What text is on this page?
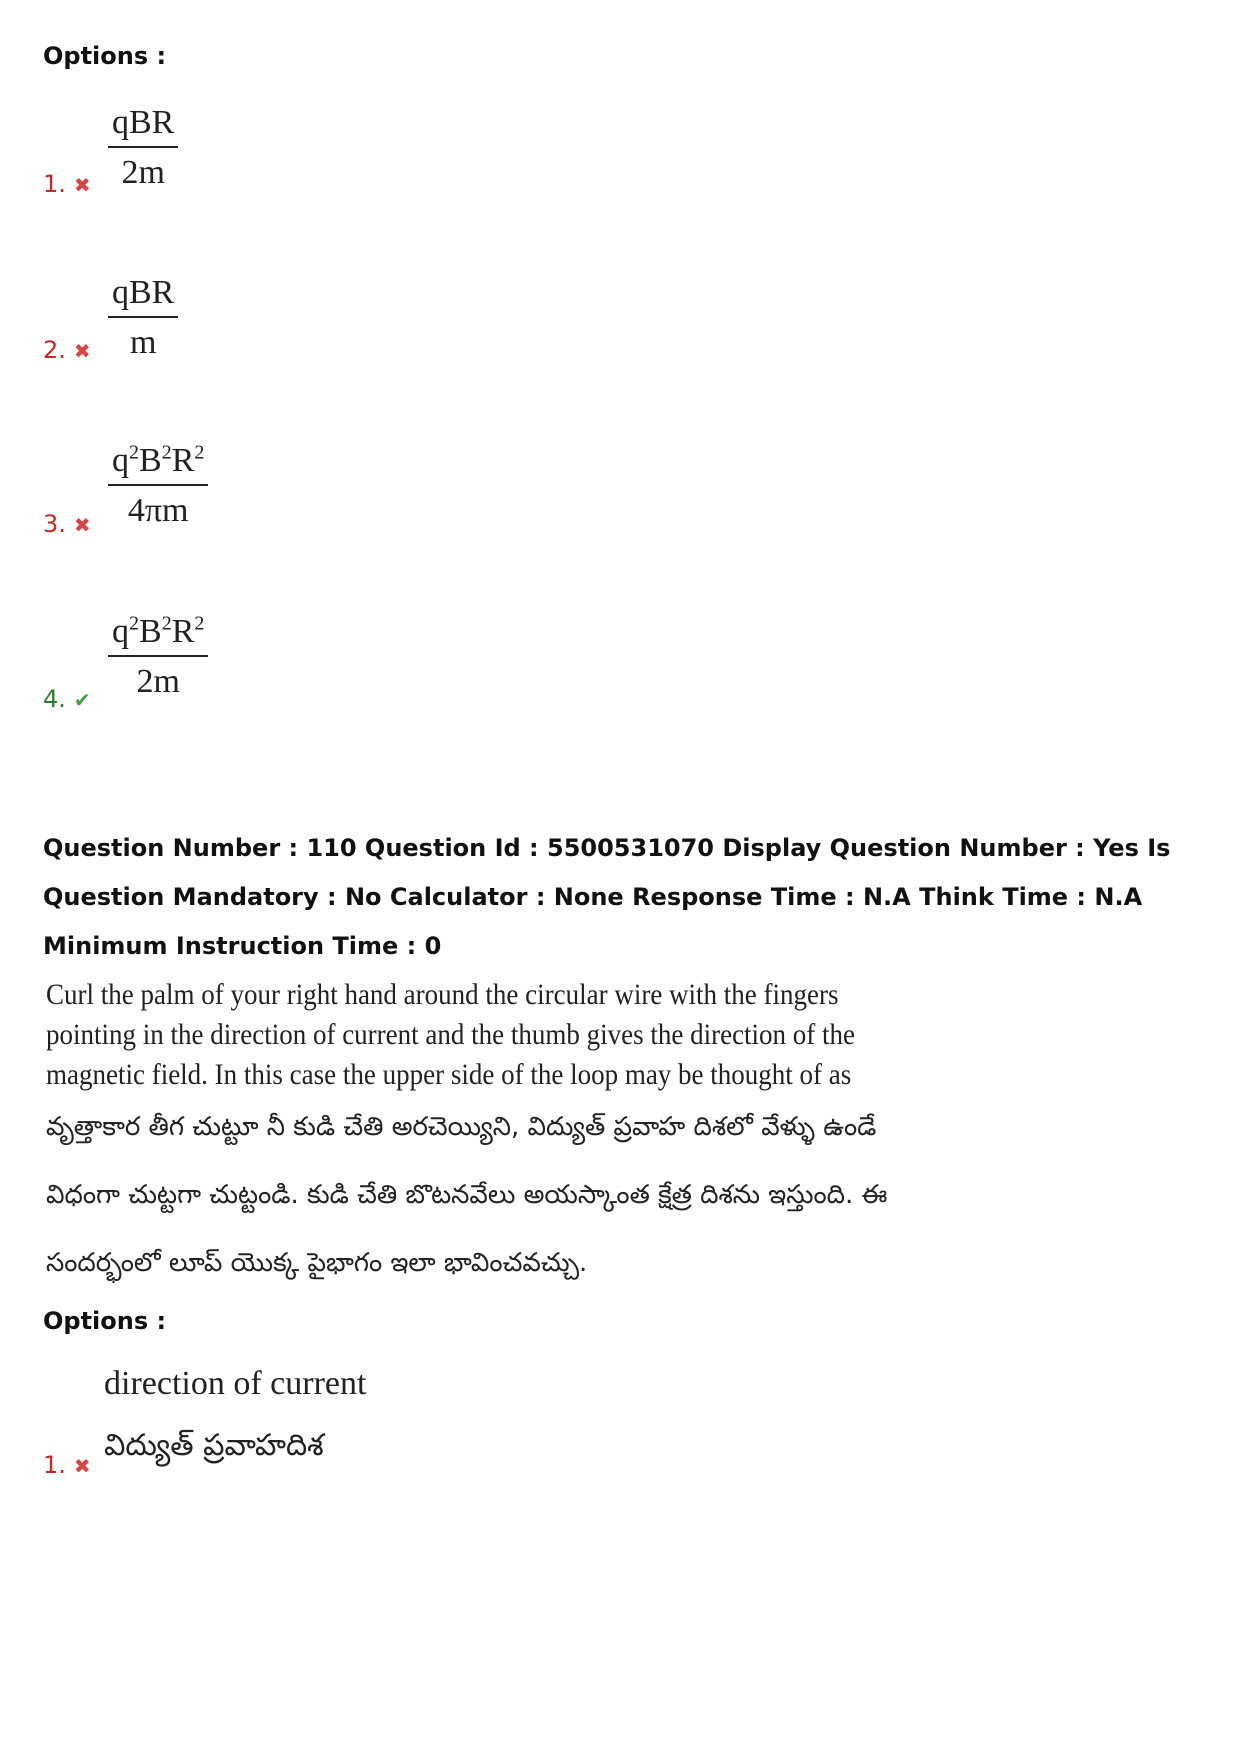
Options :
qBR
2m
1. ✖
qBR
m
2. ✖
$\frac{q^2B^2R^2}{4\pi m}$
3. ✖
$\frac{q^2B^2R^2}{2m}$
4. ✔
Question Number : 110 Question Id : 5500531070 Display Question Number : Yes Is Question Mandatory : No Calculator : None Response Time : N.A Think Time : N.A Minimum Instruction Time : 0
Curl the palm of your right hand around the circular wire with the fingers pointing in the direction of current and the thumb gives the direction of the magnetic field. In this case the upper side of the loop may be thought of as
వృత్తాకార తీగ చుట్టూ నీ కుడి చేతి అరచెయ్యిని, విద్యుత్ ప్రవాహ దిశలో వేళ్ళు ఉండే విధంగా చుట్టగా చుట్టండి. కుడి చేతి బొటనవేలు అయస్కాంత క్షేత్ర దిశను ఇస్తుంది. ఈ సందర్భంలో లూప్ యొక్క పైభాగం ఇలా భావించవచ్చు.
Options :
direction of current
విద్యుత్ ప్రవాహదిశ
1. ✖
